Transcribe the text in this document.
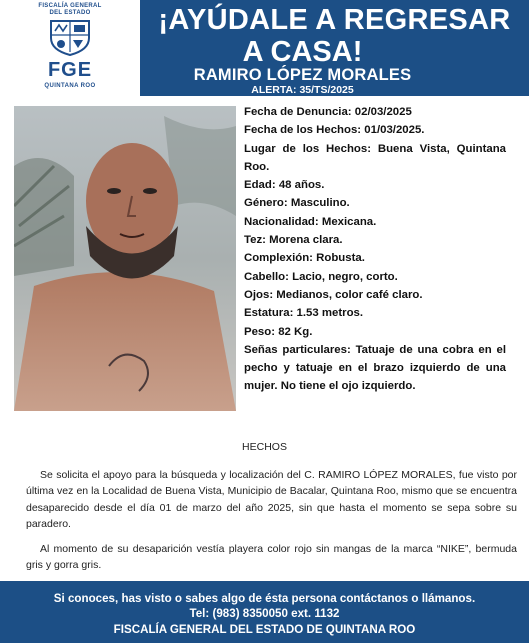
FISCALÍA GENERAL
DEL ESTADO
FGE
QUINTANA ROO
¡AYÚDALE A REGRESAR
A CASA!
RAMIRO LÓPEZ MORALES
ALERTA: 35/TS/2025

Fecha de Denuncia: 02/03/2025

Fecha de los Hechos: 01/03/2025.

Lugar de los Hechos: Buena Vista, Quintana Roo.

Edad: 48 años.

Género: Masculino.

Nacionalidad: Mexicana.

Tez: Morena clara.

Complexión: Robusta.

Cabello: Lacio, negro, corto.

Ojos: Medianos, color café claro.

Estatura: 1.53 metros.

Peso: 82 Kg.

Señas particulares: Tatuaje de una cobra en el pecho y tatuaje en el brazo izquierdo de una mujer. No tiene el ojo izquierdo.

HECHOS
Se solicita el apoyo para la búsqueda y localización del C. RAMIRO LÓPEZ MORALES, fue visto por última vez en la Localidad de Buena Vista, Municipio de Bacalar, Quintana Roo, mismo que se encuentra desaparecido desde el día 01 de marzo del año 2025, sin que hasta el momento se sepa sobre su paradero.
Al momento de su desaparición vestía playera color rojo sin mangas de la marca “NIKE”, bermuda gris y gorra gris.
Si conoces, has visto o sabes algo de ésta persona contáctanos o llámanos.
Tel: (983) 8350050 ext. 1132
FISCALÍA GENERAL DEL ESTADO DE QUINTANA ROO
